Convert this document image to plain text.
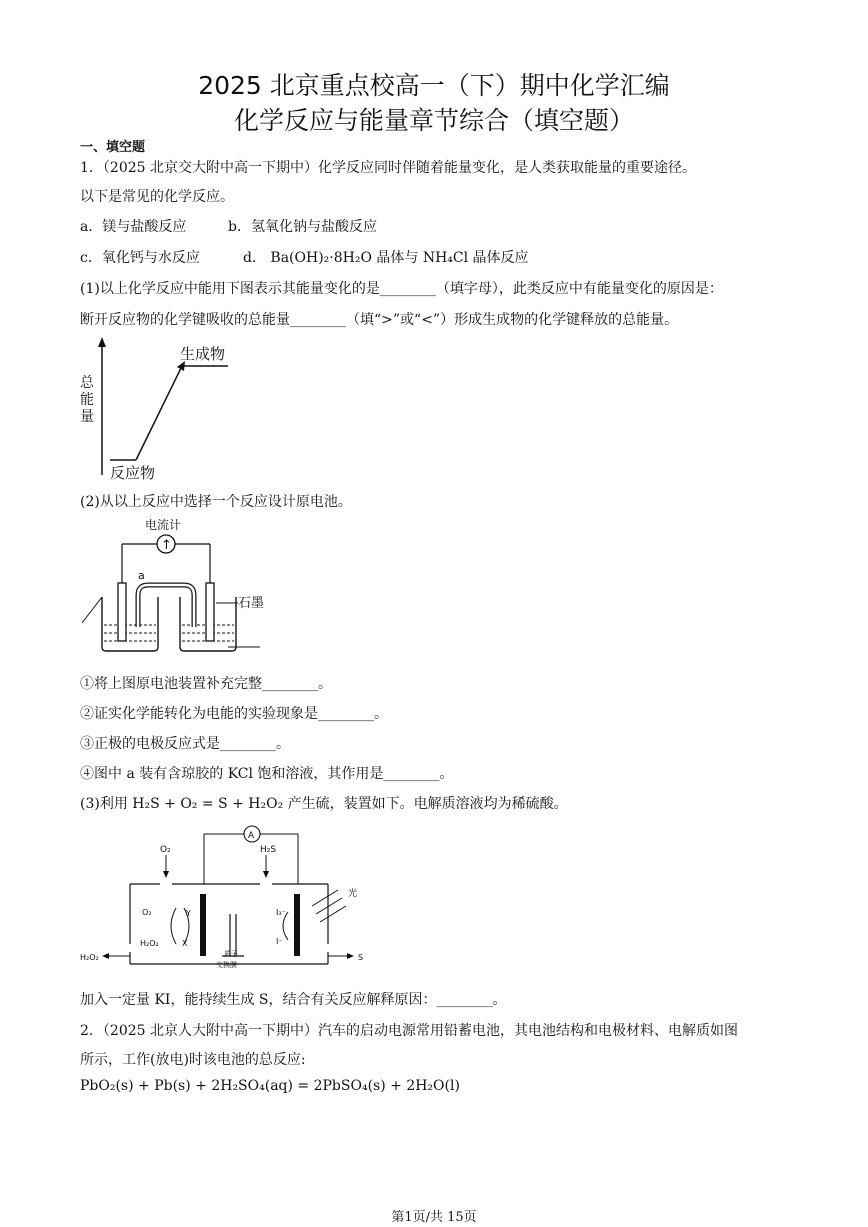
2025 北京重点校高一（下）期中化学汇编
化学反应与能量章节综合（填空题）
一、填空题
1．（2025 北京交大附中高一下期中）化学反应同时伴随着能量变化，是人类获取能量的重要途径。
以下是常见的化学反应。
a．镁与盐酸反应	b．氢氧化钠与盐酸反应
c．氧化钙与水反应	d． Ba(OH)₂·8H₂O 晶体与 NH₄Cl 晶体反应
(1)以上化学反应中能用下图表示其能量变化的是________（填字母），此类反应中有能量变化的原因是：
断开反应物的化学键吸收的总能量________（填“>”或“<”）形成生成物的化学键释放的总能量。
总
能
量
生成物
反应物
(2)从以上反应中选择一个反应设计原电池。
电流计
↑
a
石墨
①将上图原电池装置补充完整________。
②证实化学能转化为电能的实验现象是________。
③正极的电极反应式是________。
④图中 a 装有含琼胶的 KCl 饱和溶液，其作用是________。
(3)利用 H₂S + O₂ = S + H₂O₂ 产生硫，装置如下。电解质溶液均为稀硫酸。
A
O₂	H₂S
O₂
H₂O₂
Y
X
I₃⁻
I⁻
质子
交换膜
光
H₂O₂	S
加入一定量 KI，能持续生成 S，结合有关反应解释原因：________。
2．（2025 北京人大附中高一下期中）汽车的启动电源常用铅蓄电池，其电池结构和电极材料、电解质如图
所示，工作(放电)时该电池的总反应:
PbO₂(s) + Pb(s) + 2H₂SO₄(aq) = 2PbSO₄(s) + 2H₂O(l)
第1页/共 15页
